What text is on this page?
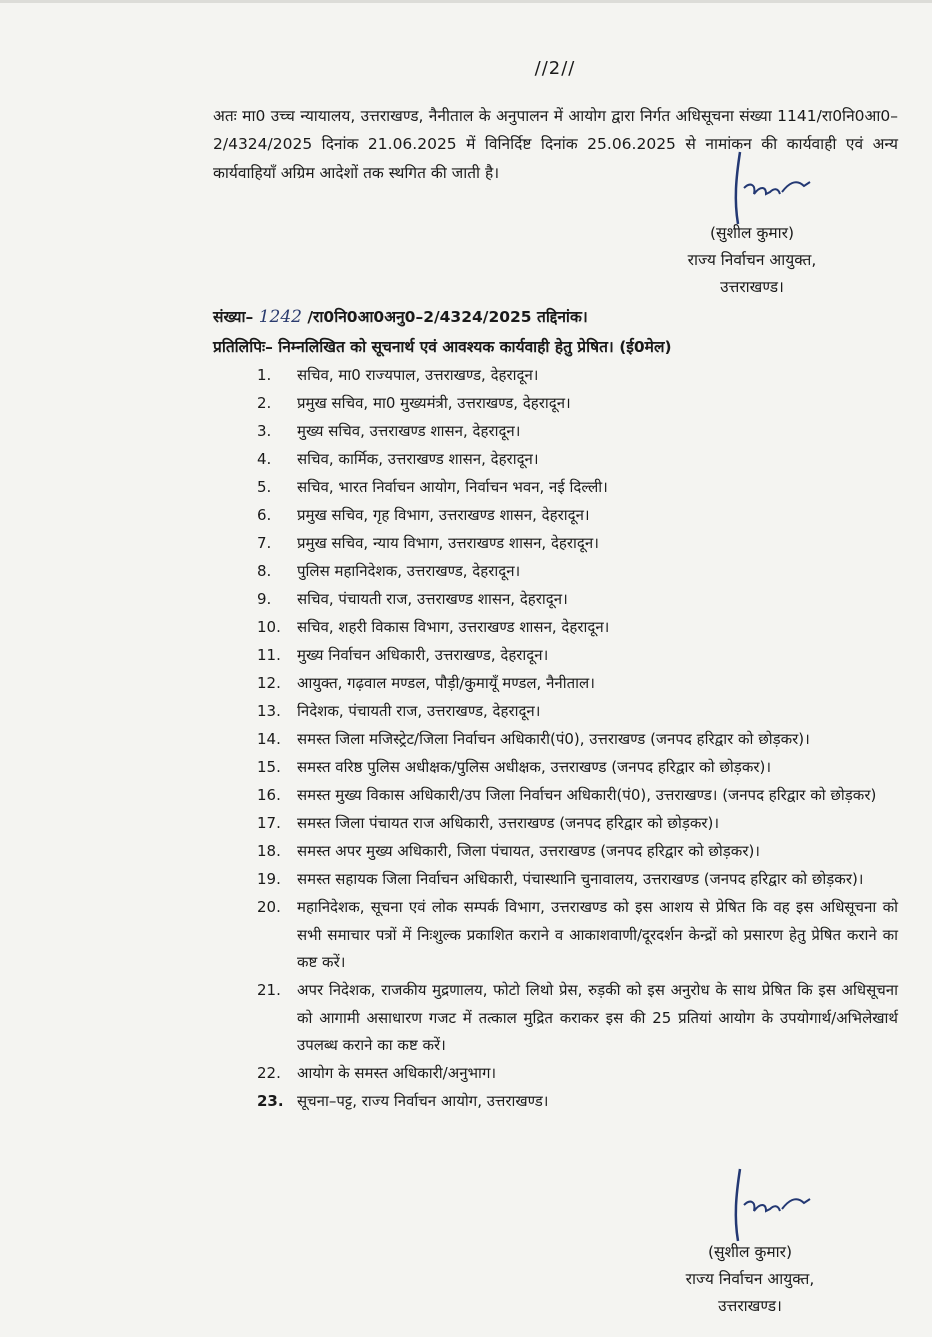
//2//

अतः मा0 उच्च न्यायालय, उत्तराखण्ड, नैनीताल के अनुपालन में आयोग द्वारा निर्गत अधिसूचना संख्या 1141/रा0नि0आ0–2/4324/2025 दिनांक 21.06.2025 में विनिर्दिष्ट दिनांक 25.06.2025 से नामांकन की कार्यवाही एवं अन्य कार्यवाहियॉं अग्रिम आदेशों तक स्थगित की जाती है।

(सुशील कुमार)
राज्य निर्वाचन आयुक्त,
उत्तराखण्ड।
संख्या– 1242 /रा0नि0आ0अनु0–2/4324/2025 तद्दिनांक।
प्रतिलिपिः– निम्नलिखित को सूचनार्थ एवं आवश्यक कार्यवाही हेतु प्रेषित। (ई0मेल)
1.	सचिव, मा0 राज्यपाल, उत्तराखण्ड, देहरादून।
2.	प्रमुख सचिव, मा0 मुख्यमंत्री, उत्तराखण्ड, देहरादून।
3.	मुख्य सचिव, उत्तराखण्ड शासन, देहरादून।
4.	सचिव, कार्मिक, उत्तराखण्ड शासन, देहरादून।
5.	सचिव, भारत निर्वाचन आयोग, निर्वाचन भवन, नई दिल्ली।
6.	प्रमुख सचिव, गृह विभाग, उत्तराखण्ड शासन, देहरादून।
7.	प्रमुख सचिव, न्याय विभाग, उत्तराखण्ड शासन, देहरादून।
8.	पुलिस महानिदेशक, उत्तराखण्ड, देहरादून।
9.	सचिव, पंचायती राज, उत्तराखण्ड शासन, देहरादून।
10.	सचिव, शहरी विकास विभाग, उत्तराखण्ड शासन, देहरादून।
11.	मुख्य निर्वाचन अधिकारी, उत्तराखण्ड, देहरादून।
12.	आयुक्त, गढ़वाल मण्डल, पौड़ी/कुमायूँ मण्डल, नैनीताल।
13.	निदेशक, पंचायती राज, उत्तराखण्ड, देहरादून।
14.	समस्त जिला मजिस्ट्रेट/जिला निर्वाचन अधिकारी(पं0), उत्तराखण्ड (जनपद हरिद्वार को छोड़कर)।
15.	समस्त वरिष्ठ पुलिस अधीक्षक/पुलिस अधीक्षक, उत्तराखण्ड (जनपद हरिद्वार को छोड़कर)।
16.	समस्त मुख्य विकास अधिकारी/उप जिला निर्वाचन अधिकारी(पं0), उत्तराखण्ड। (जनपद हरिद्वार को छोड़कर)
17.	समस्त जिला पंचायत राज अधिकारी, उत्तराखण्ड (जनपद हरिद्वार को छोड़कर)।
18.	समस्त अपर मुख्य अधिकारी, जिला पंचायत, उत्तराखण्ड (जनपद हरिद्वार को छोड़कर)।
19.	समस्त सहायक जिला निर्वाचन अधिकारी, पंचास्थानि चुनावालय, उत्तराखण्ड (जनपद हरिद्वार को छोड़कर)।
20.	महानिदेशक, सूचना एवं लोक सम्पर्क विभाग, उत्तराखण्ड को इस आशय से प्रेषित कि वह इस अधिसूचना को सभी समाचार पत्रों में निःशुल्क प्रकाशित कराने व आकाशवाणी/दूरदर्शन केन्द्रों को प्रसारण हेतु प्रेषित कराने का कष्ट करें।
21.	अपर निदेशक, राजकीय मुद्रणालय, फोटो लिथो प्रेस, रुड़की को इस अनुरोध के साथ प्रेषित कि इस अधिसूचना को आगामी असाधारण गजट में तत्काल मुद्रित कराकर इस की 25 प्रतियां आयोग के उपयोगार्थ/अभिलेखार्थ उपलब्ध कराने का कष्ट करें।
22.	आयोग के समस्त अधिकारी/अनुभाग।
23. सूचना–पट्ट, राज्य निर्वाचन आयोग, उत्तराखण्ड।
(सुशील कुमार)
राज्य निर्वाचन आयुक्त,
उत्तराखण्ड।
